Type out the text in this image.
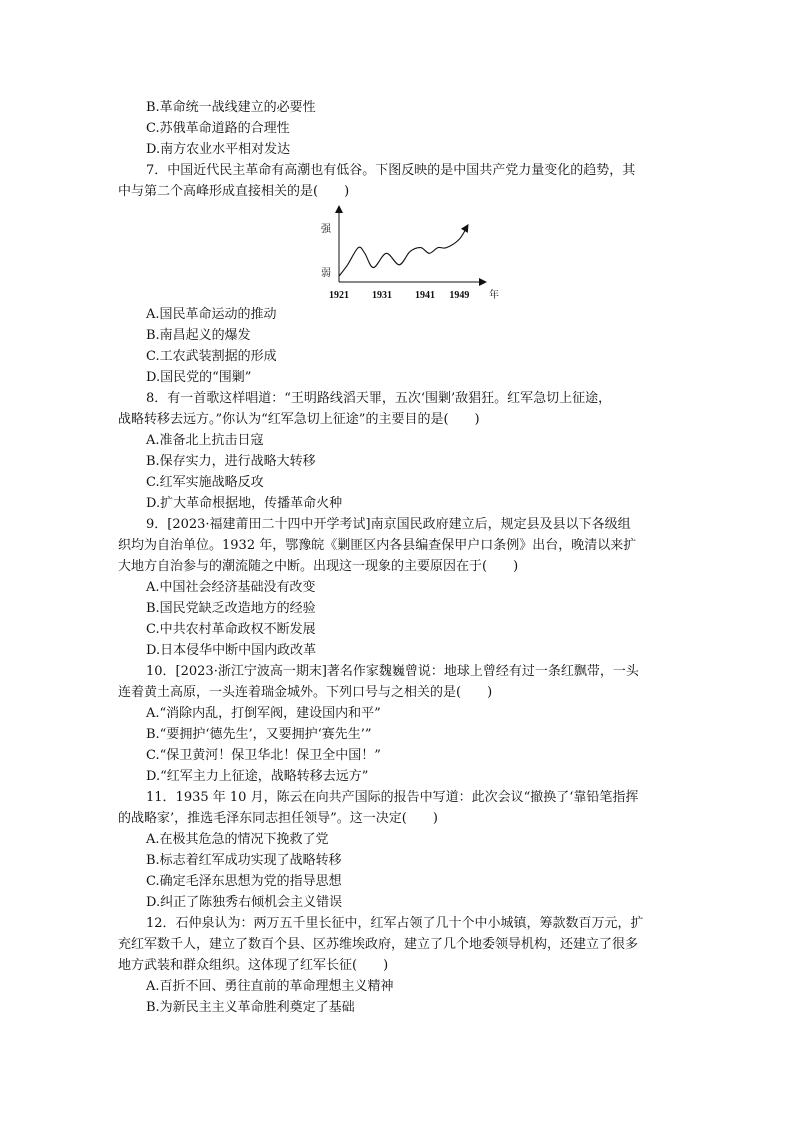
B.革命统一战线建立的必要性
C.苏俄革命道路的合理性
D.南方农业水平相对发达
7．中国近代民主革命有高潮也有低谷。下图反映的是中国共产党力量变化的趋势，其
中与第二个高峰形成直接相关的是(　　)
强
弱
年
1921 1931 1941 1949
A.国民革命运动的推动
B.南昌起义的爆发
C.工农武装割据的形成
D.国民党的“围剿”
8．有一首歌这样唱道：“王明路线滔天罪，五次‘围剿’敌猖狂。红军急切上征途，
战略转移去远方。”你认为“红军急切上征途”的主要目的是(　　)
A.准备北上抗击日寇
B.保存实力，进行战略大转移
C.红军实施战略反攻
D.扩大革命根据地，传播革命火种
9．[2023·福建莆田二十四中开学考试]南京国民政府建立后，规定县及县以下各级组
织均为自治单位。1932 年，鄂豫皖《剿匪区内各县编查保甲户口条例》出台，晚清以来扩
大地方自治参与的潮流随之中断。出现这一现象的主要原因在于(　　)
A.中国社会经济基础没有改变
B.国民党缺乏改造地方的经验
C.中共农村革命政权不断发展
D.日本侵华中断中国内政改革
10．[2023·浙江宁波高一期末]著名作家魏巍曾说：地球上曾经有过一条红飘带，一头
连着黄土高原，一头连着瑞金城外。下列口号与之相关的是(　　)
A.“消除内乱，打倒军阀，建设国内和平”
B.“要拥护‘德先生’，又要拥护‘赛先生’”
C.“保卫黄河！保卫华北！保卫全中国！”
D.“红军主力上征途，战略转移去远方”
11．1935 年 10 月，陈云在向共产国际的报告中写道：此次会议“撤换了‘靠铅笔指挥
的战略家’，推选毛泽东同志担任领导”。这一决定(　　)
A.在极其危急的情况下挽救了党
B.标志着红军成功实现了战略转移
C.确定毛泽东思想为党的指导思想
D.纠正了陈独秀右倾机会主义错误
12．石仲泉认为：两万五千里长征中，红军占领了几十个中小城镇，筹款数百万元，扩
充红军数千人，建立了数百个县、区苏维埃政府，建立了几个地委领导机构，还建立了很多
地方武装和群众组织。这体现了红军长征(　　)
A.百折不回、勇往直前的革命理想主义精神
B.为新民主主义革命胜利奠定了基础
